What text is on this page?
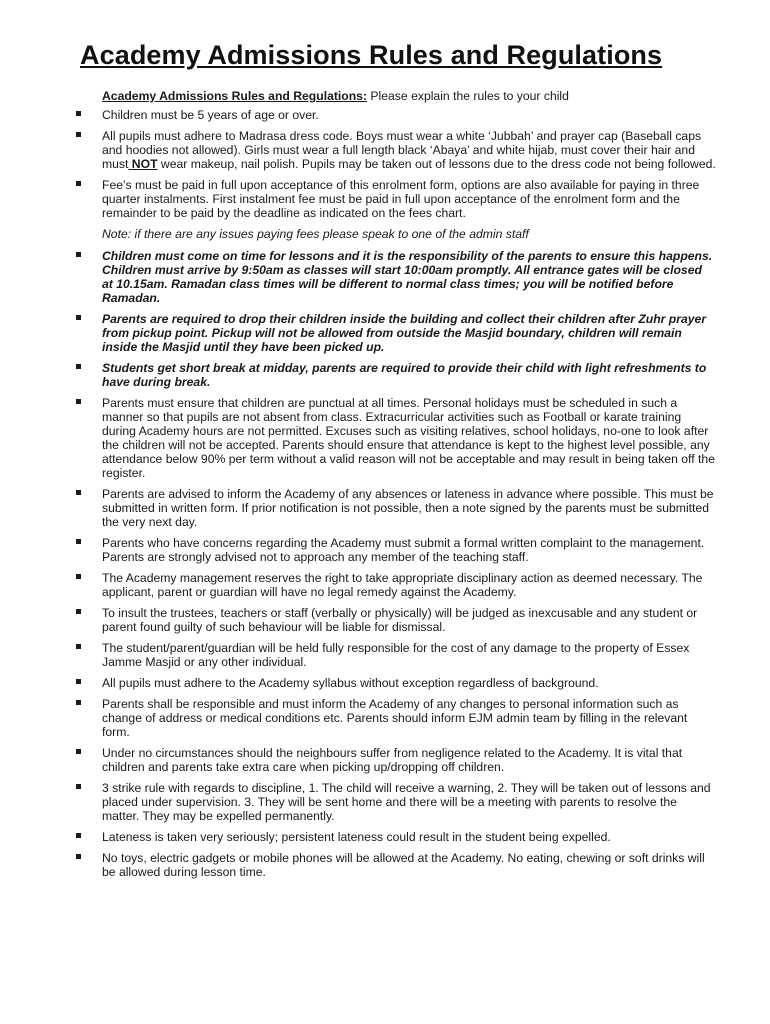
Academy Admissions Rules and Regulations
Academy Admissions Rules and Regulations: Please explain the rules to your child
Children must be 5 years of age or over.
All pupils must adhere to Madrasa dress code. Boys must wear a white ‘Jubbah’ and prayer cap (Baseball caps and hoodies not allowed). Girls must wear a full length black ‘Abaya’ and white hijab, must cover their hair and must NOT wear makeup, nail polish. Pupils may be taken out of lessons due to the dress code not being followed.
Fee’s must be paid in full upon acceptance of this enrolment form, options are also available for paying in three quarter instalments. First instalment fee must be paid in full upon acceptance of the enrolment form and the remainder to be paid by the deadline as indicated on the fees chart.
Note: if there are any issues paying fees please speak to one of the admin staff
Children must come on time for lessons and it is the responsibility of the parents to ensure this happens. Children must arrive by 9:50am as classes will start 10:00am promptly. All entrance gates will be closed at 10.15am. Ramadan class times will be different to normal class times; you will be notified before Ramadan.
Parents are required to drop their children inside the building and collect their children after Zuhr prayer from pickup point. Pickup will not be allowed from outside the Masjid boundary, children will remain inside the Masjid until they have been picked up.
Students get short break at midday, parents are required to provide their child with light refreshments to have during break.
Parents must ensure that children are punctual at all times. Personal holidays must be scheduled in such a manner so that pupils are not absent from class. Extracurricular activities such as Football or karate training during Academy hours are not permitted. Excuses such as visiting relatives, school holidays, no-one to look after the children will not be accepted. Parents should ensure that attendance is kept to the highest level possible, any attendance below 90% per term without a valid reason will not be acceptable and may result in being taken off the register.
Parents are advised to inform the Academy of any absences or lateness in advance where possible. This must be submitted in written form. If prior notification is not possible, then a note signed by the parents must be submitted the very next day.
Parents who have concerns regarding the Academy must submit a formal written complaint to the management. Parents are strongly advised not to approach any member of the teaching staff.
The Academy management reserves the right to take appropriate disciplinary action as deemed necessary. The applicant, parent or guardian will have no legal remedy against the Academy.
To insult the trustees, teachers or staff (verbally or physically) will be judged as inexcusable and any student or parent found guilty of such behaviour will be liable for dismissal.
The student/parent/guardian will be held fully responsible for the cost of any damage to the property of Essex Jamme Masjid or any other individual.
All pupils must adhere to the Academy syllabus without exception regardless of background.
Parents shall be responsible and must inform the Academy of any changes to personal information such as change of address or medical conditions etc. Parents should inform EJM admin team by filling in the relevant form.
Under no circumstances should the neighbours suffer from negligence related to the Academy. It is vital that children and parents take extra care when picking up/dropping off children.
3 strike rule with regards to discipline, 1. The child will receive a warning, 2. They will be taken out of lessons and placed under supervision. 3. They will be sent home and there will be a meeting with parents to resolve the matter. They may be expelled permanently.
Lateness is taken very seriously; persistent lateness could result in the student being expelled.
No toys, electric gadgets or mobile phones will be allowed at the Academy. No eating, chewing or soft drinks will be allowed during lesson time.
